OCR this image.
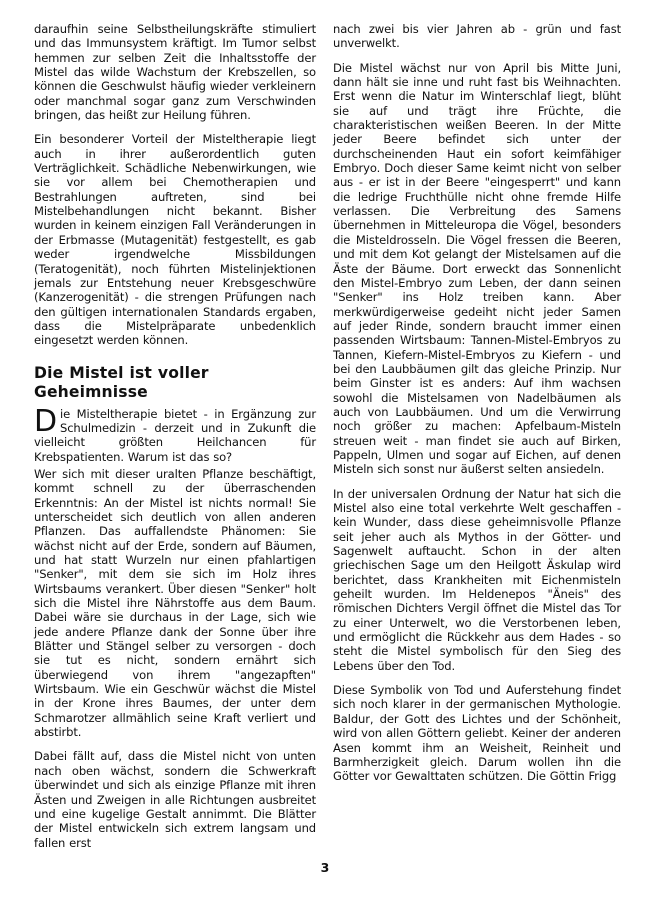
daraufhin seine Selbstheilungskräfte stimuliert und das Immunsystem kräftigt. Im Tumor selbst hemmen zur selben Zeit die Inhaltsstoffe der Mistel das wilde Wachstum der Krebszellen, so können die Geschwulst häufig wieder verkleinern oder manchmal sogar ganz zum Verschwinden bringen, das heißt zur Heilung führen.

Ein besonderer Vorteil der Misteltherapie liegt auch in ihrer außerordentlich guten Verträglichkeit. Schädliche Nebenwirkungen, wie sie vor allem bei Chemotherapien und Bestrahlungen auftreten, sind bei Mistelbehandlungen nicht bekannt. Bisher wurden in keinem einzigen Fall Veränderungen in der Erbmasse (Mutagenität) festgestellt, es gab weder irgendwelche Missbildungen (Teratogenität), noch führten Mistelinjektionen jemals zur Entstehung neuer Krebsgeschwüre (Kanzerogenität) - die strengen Prüfungen nach den gültigen internationalen Standards ergaben, dass die Mistelpräparate unbedenklich eingesetzt werden können.

Die Mistel ist voller Geheimnisse

Die Misteltherapie bietet - in Ergänzung zur Schulmedizin - derzeit und in Zukunft die vielleicht größten Heilchancen für Krebspatienten. Warum ist das so?

Wer sich mit dieser uralten Pflanze beschäftigt, kommt schnell zu der überraschenden Erkenntnis: An der Mistel ist nichts normal! Sie unterscheidet sich deutlich von allen anderen Pflanzen. Das auffallendste Phänomen: Sie wächst nicht auf der Erde, sondern auf Bäumen, und hat statt Wurzeln nur einen pfahlartigen "Senker", mit dem sie sich im Holz ihres Wirtsbaums verankert. Über diesen "Senker" holt sich die Mistel ihre Nährstoffe aus dem Baum. Dabei wäre sie durchaus in der Lage, sich wie jede andere Pflanze dank der Sonne über ihre Blätter und Stängel selber zu versorgen - doch sie tut es nicht, sondern ernährt sich überwiegend von ihrem "angezapften" Wirtsbaum. Wie ein Geschwür wächst die Mistel in der Krone ihres Baumes, der unter dem Schmarotzer allmählich seine Kraft verliert und abstirbt.

Dabei fällt auf, dass die Mistel nicht von unten nach oben wächst, sondern die Schwerkraft überwindet und sich als einzige Pflanze mit ihren Ästen und Zweigen in alle Richtungen ausbreitet und eine kugelige Gestalt annimmt. Die Blätter der Mistel entwickeln sich extrem langsam und fallen erst

nach zwei bis vier Jahren ab - grün und fast unverwelkt.

Die Mistel wächst nur von April bis Mitte Juni, dann hält sie inne und ruht fast bis Weihnachten. Erst wenn die Natur im Winterschlaf liegt, blüht sie auf und trägt ihre Früchte, die charakteristischen weißen Beeren. In der Mitte jeder Beere befindet sich unter der durchscheinenden Haut ein sofort keimfähiger Embryo. Doch dieser Same keimt nicht von selber aus - er ist in der Beere "eingesperrt" und kann die ledrige Fruchthülle nicht ohne fremde Hilfe verlassen. Die Verbreitung des Samens übernehmen in Mitteleuropa die Vögel, besonders die Misteldrosseln. Die Vögel fressen die Beeren, und mit dem Kot gelangt der Mistelsamen auf die Äste der Bäume. Dort erweckt das Sonnenlicht den Mistel-Embryo zum Leben, der dann seinen "Senker" ins Holz treiben kann. Aber merkwürdigerweise gedeiht nicht jeder Samen auf jeder Rinde, sondern braucht immer einen passenden Wirtsbaum: Tannen-Mistel-Embryos zu Tannen, Kiefern-Mistel-Embryos zu Kiefern - und bei den Laubbäumen gilt das gleiche Prinzip. Nur beim Ginster ist es anders: Auf ihm wachsen sowohl die Mistelsamen von Nadelbäumen als auch von Laubbäumen. Und um die Verwirrung noch größer zu machen: Apfelbaum-Misteln streuen weit - man findet sie auch auf Birken, Pappeln, Ulmen und sogar auf Eichen, auf denen Misteln sich sonst nur äußerst selten ansiedeln.

In der universalen Ordnung der Natur hat sich die Mistel also eine total verkehrte Welt geschaffen - kein Wunder, dass diese geheimnisvolle Pflanze seit jeher auch als Mythos in der Götter- und Sagenwelt auftaucht. Schon in der alten griechischen Sage um den Heilgott Äskulap wird berichtet, dass Krankheiten mit Eichenmisteln geheilt wurden. Im Heldenepos "Äneis" des römischen Dichters Vergil öffnet die Mistel das Tor zu einer Unterwelt, wo die Verstorbenen leben, und ermöglicht die Rückkehr aus dem Hades - so steht die Mistel symbolisch für den Sieg des Lebens über den Tod.

Diese Symbolik von Tod und Auferstehung findet sich noch klarer in der germanischen Mythologie. Baldur, der Gott des Lichtes und der Schönheit, wird von allen Göttern geliebt. Keiner der anderen Asen kommt ihm an Weisheit, Reinheit und Barmherzigkeit gleich. Darum wollen ihn die Götter vor Gewalttaten schützen. Die Göttin Frigg

3
